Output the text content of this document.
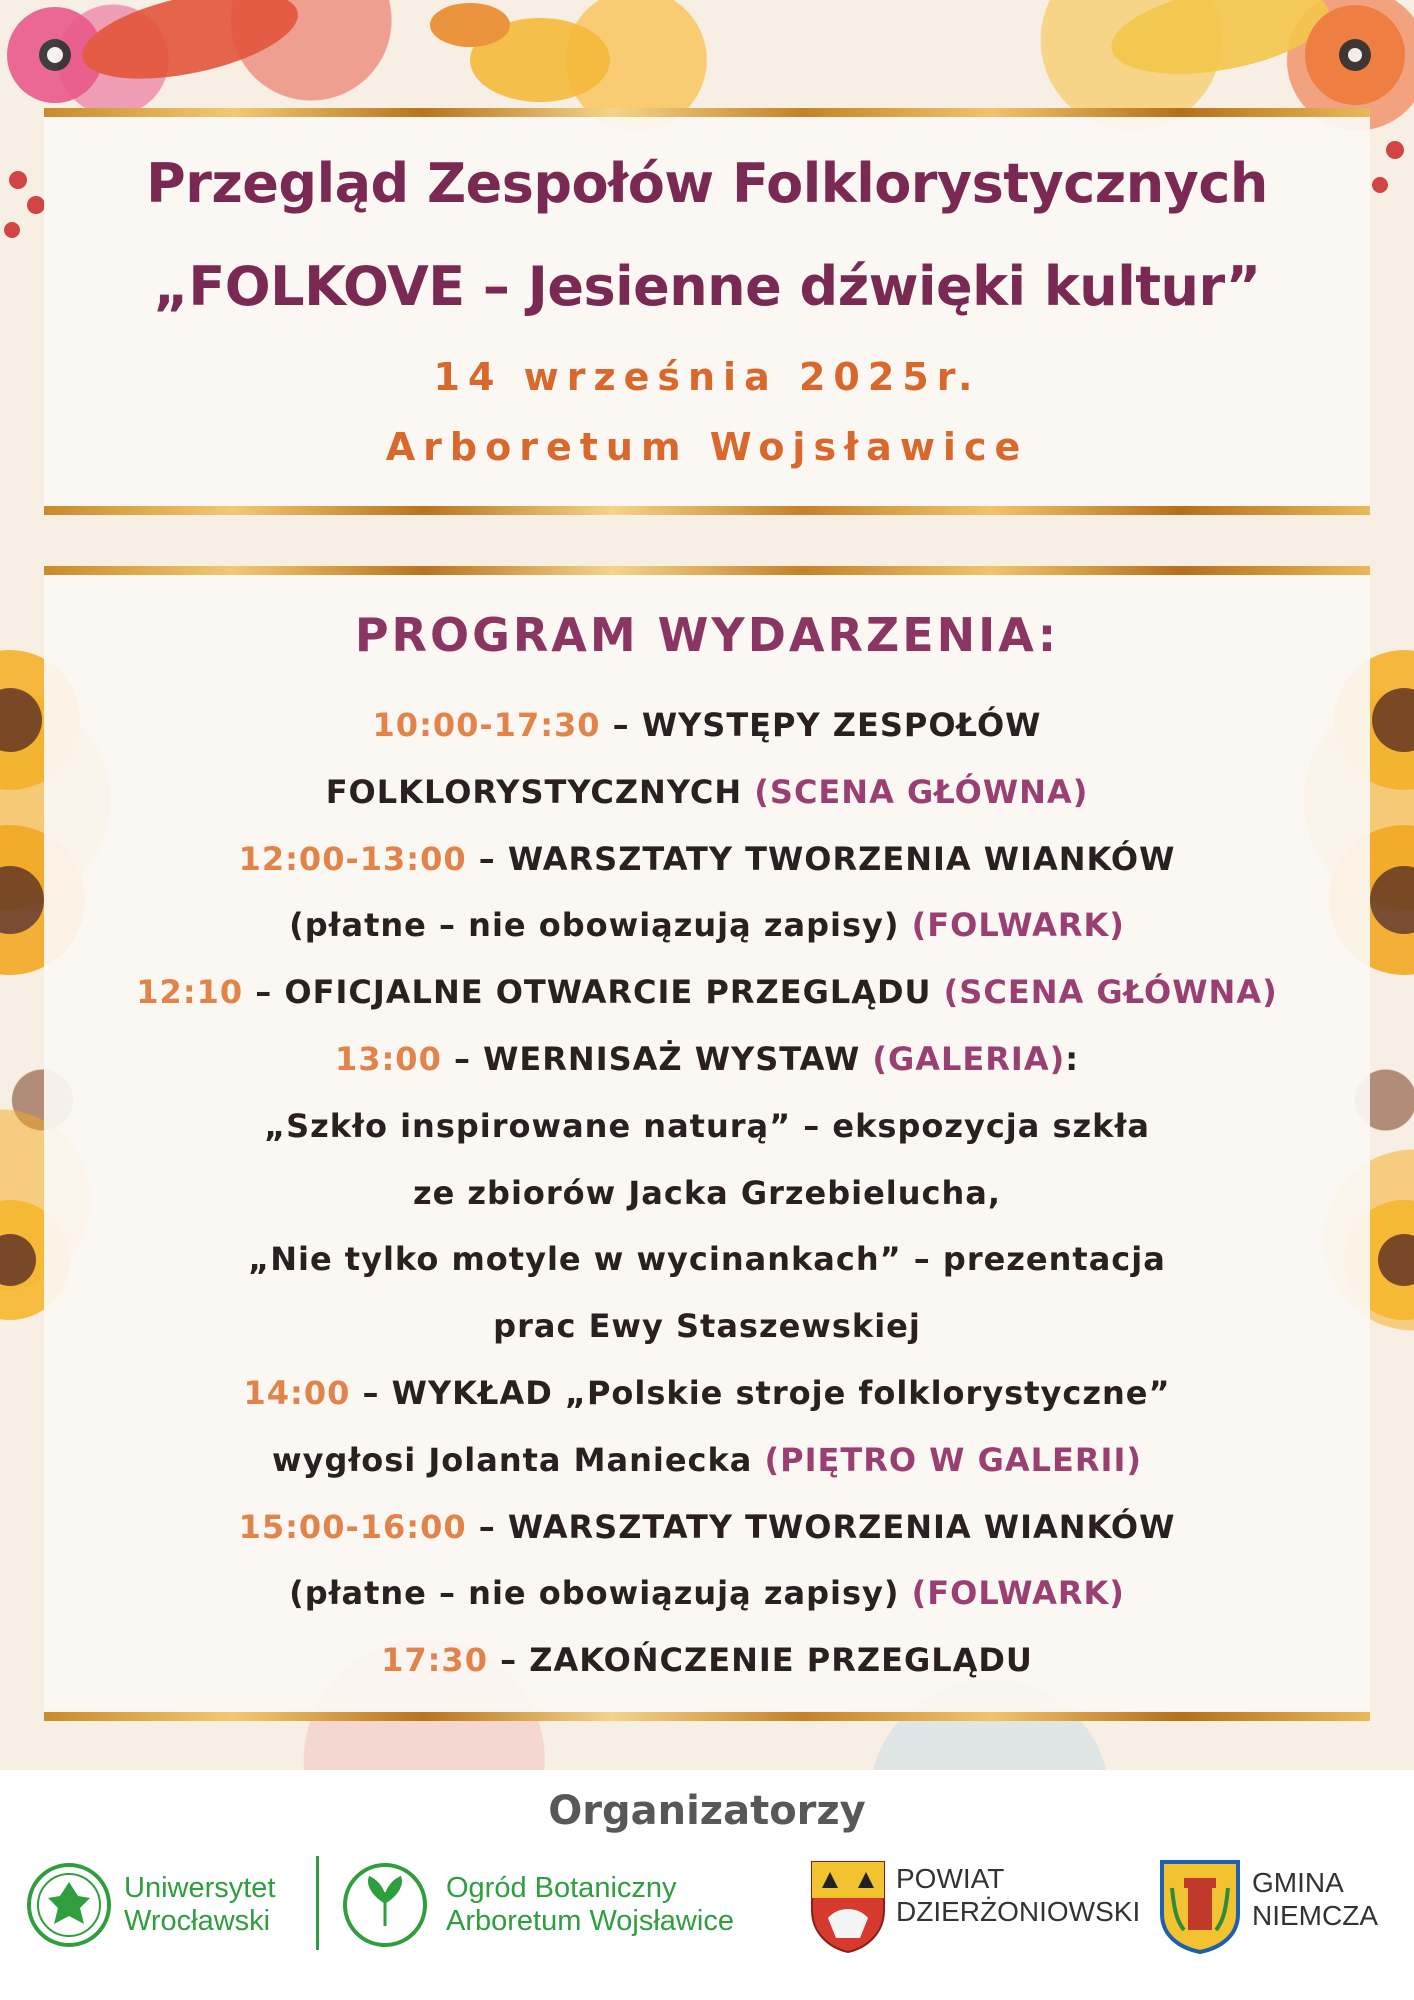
Przegląd Zespołów Folklorystycznych
„FOLKOVE – Jesienne dźwięki kultur”
14 września 2025r.
Arboretum Wojsławice
PROGRAM WYDARZENIA:
10:00-17:30 – WYSTĘPY ZESPOŁÓW
FOLKLORYSTYCZNYCH (SCENA GŁÓWNA)
12:00-13:00 – WARSZTATY TWORZENIA WIANKÓW
(płatne – nie obowiązują zapisy) (FOLWARK)
12:10 – OFICJALNE OTWARCIE PRZEGLĄDU (SCENA GŁÓWNA)
13:00 – WERNISAŻ WYSTAW (GALERIA):
„Szkło inspirowane naturą” – ekspozycja szkła
ze zbiorów Jacka Grzebielucha,
„Nie tylko motyle w wycinankach” – prezentacja
prac Ewy Staszewskiej
14:00 – WYKŁAD „Polskie stroje folklorystyczne”
wygłosi Jolanta Maniecka (PIĘTRO W GALERII)
15:00-16:00 – WARSZTATY TWORZENIA WIANKÓW
(płatne – nie obowiązują zapisy) (FOLWARK)
17:30 – ZAKOŃCZENIE PRZEGLĄDU
Organizatorzy
Uniwersytet
Wrocławski
Ogród Botaniczny
Arboretum Wojsławice
POWIAT
DZIERŻONIOWSKI
GMINA
NIEMCZA
